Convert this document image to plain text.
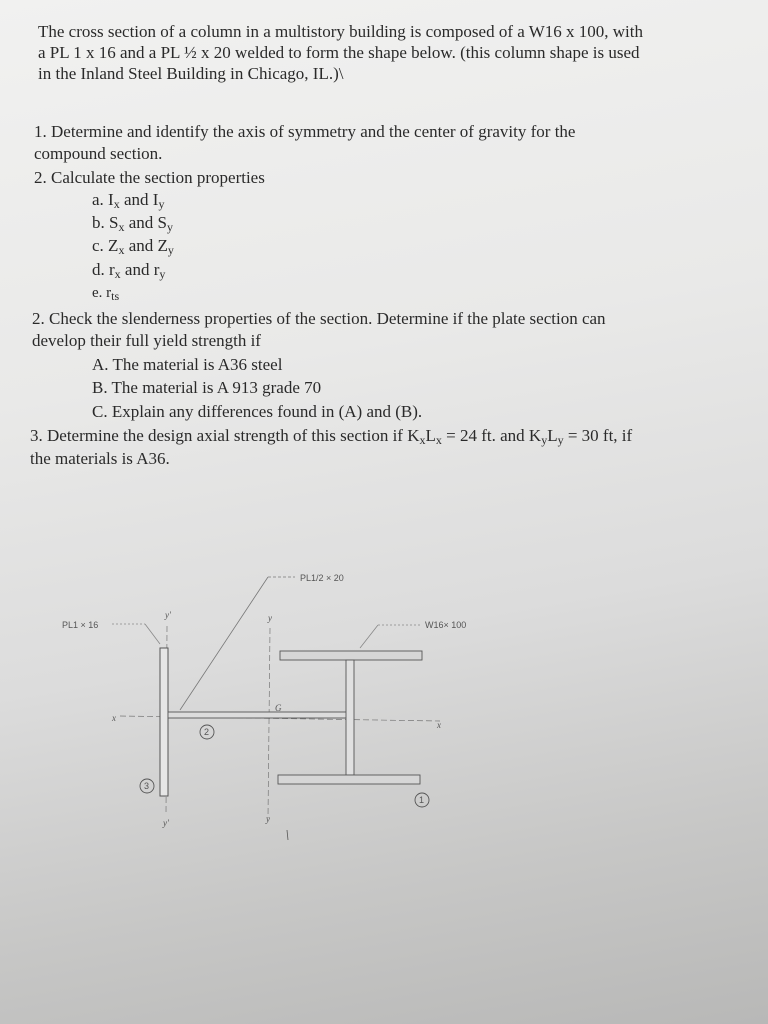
The cross section of a column in a multistory building is composed of a W16 x 100, with
a PL 1 x 16 and a PL ½ x 20 welded to form the shape below. (this column shape is used
in the Inland Steel Building in Chicago, IL.)\
1. Determine and identify the axis of symmetry and the center of gravity for the
compound section.
2. Calculate the section properties
a. Ix and Iy
b. Sx and Sy
c. Zx and Zy
d. rx and ry
e. $r_{ts}$
2. Check the slenderness properties of the section. Determine if the plate section can
develop their full yield strength if
A. The material is A36 steel
B. The material is A 913 grade 70
C. Explain any differences found in (A) and (B).
3. Determine the design axial strength of this section if KxLx = 24 ft. and KyLy = 30 ft, if
the materials is A36.
PL1/2 × 20
PL1 × 16	W16× 100
y'	y
x
x
y'	y
G
2
3
1
